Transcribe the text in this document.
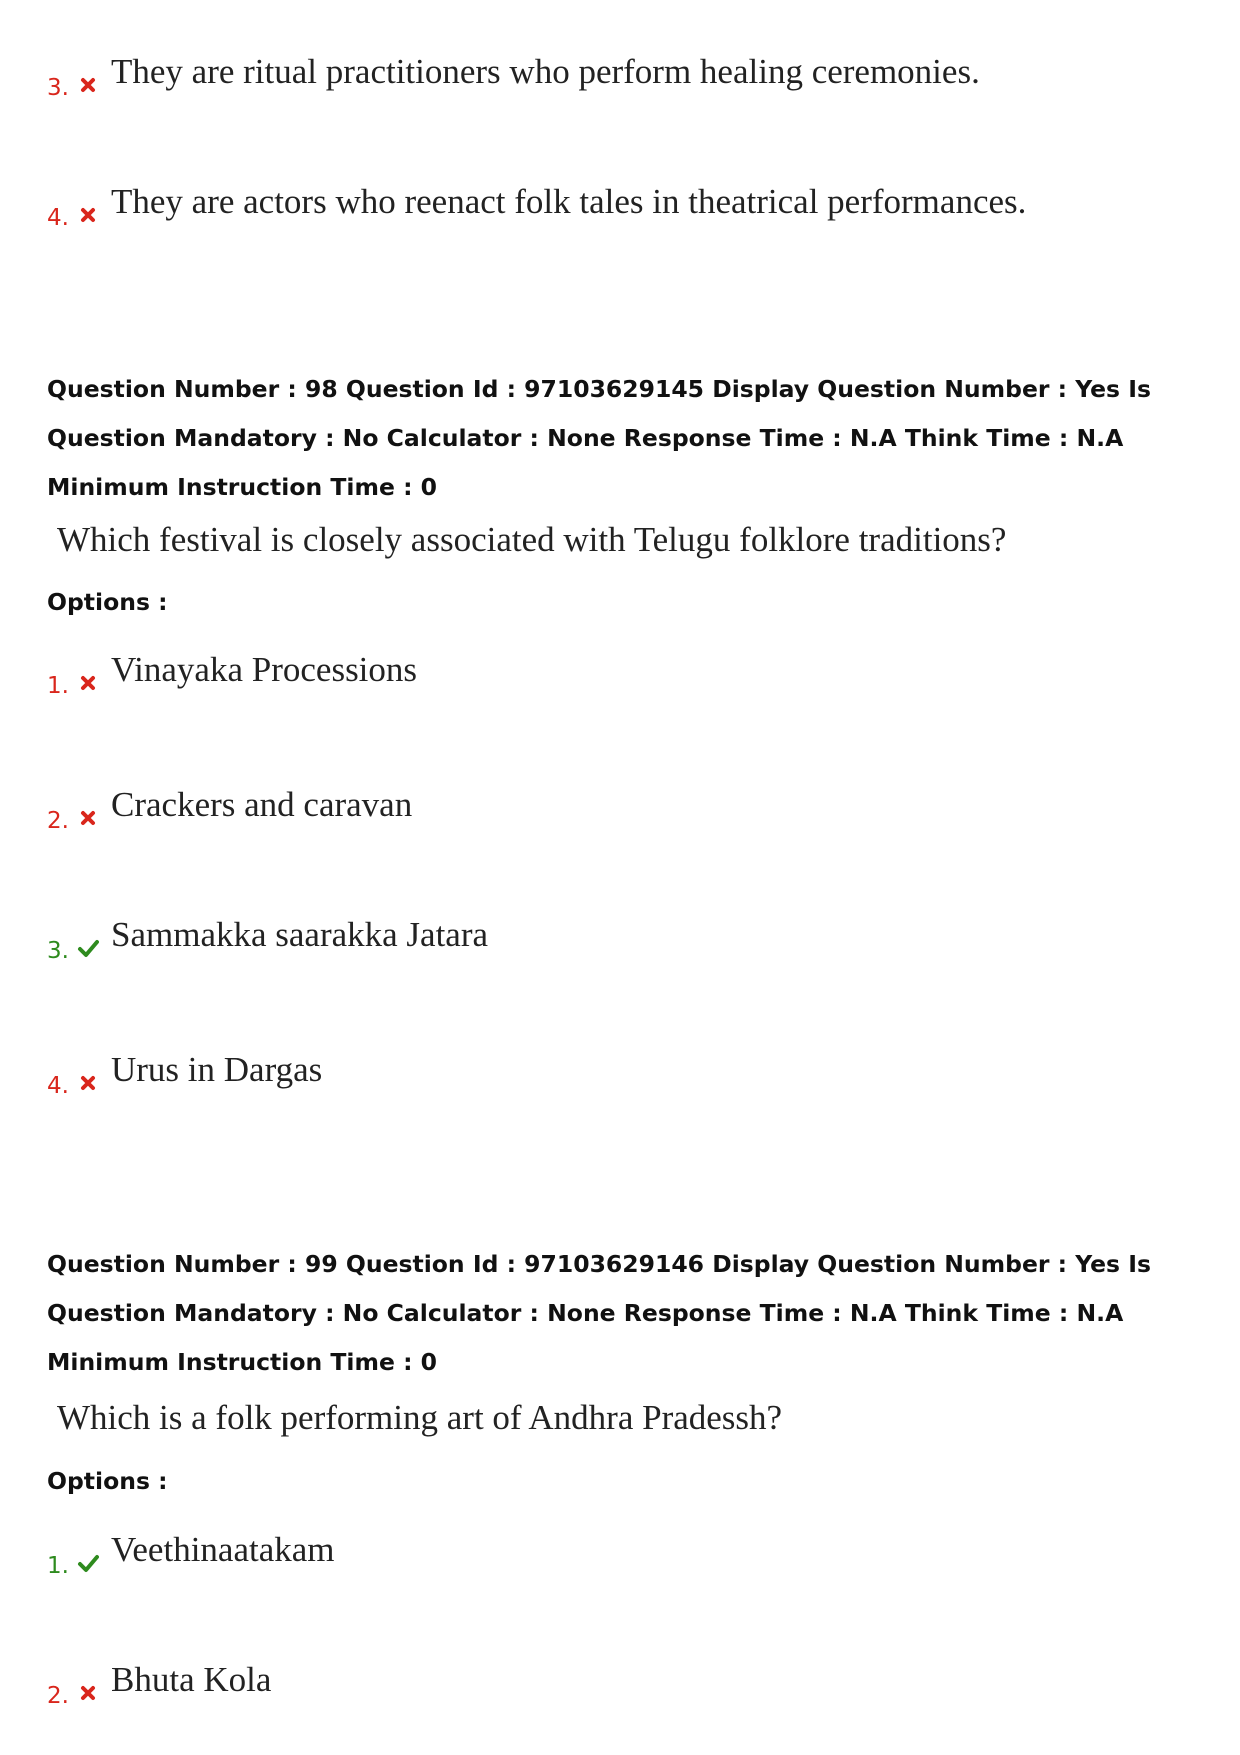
3. They are ritual practitioners who perform healing ceremonies.
4. They are actors who reenact folk tales in theatrical performances.

Question Number : 98 Question Id : 97103629145 Display Question Number : Yes Is Question Mandatory : No Calculator : None Response Time : N.A Think Time : N.A Minimum Instruction Time : 0

Which festival is closely associated with Telugu folklore traditions?

Options :

1. Vinayaka Processions
2. Crackers and caravan
3. Sammakka saarakka Jatara
4. Urus in Dargas

Question Number : 99 Question Id : 97103629146 Display Question Number : Yes Is Question Mandatory : No Calculator : None Response Time : N.A Think Time : N.A Minimum Instruction Time : 0

Which is a folk performing art of Andhra Pradessh?

Options :

1. Veethinaatakam
2. Bhuta Kola
